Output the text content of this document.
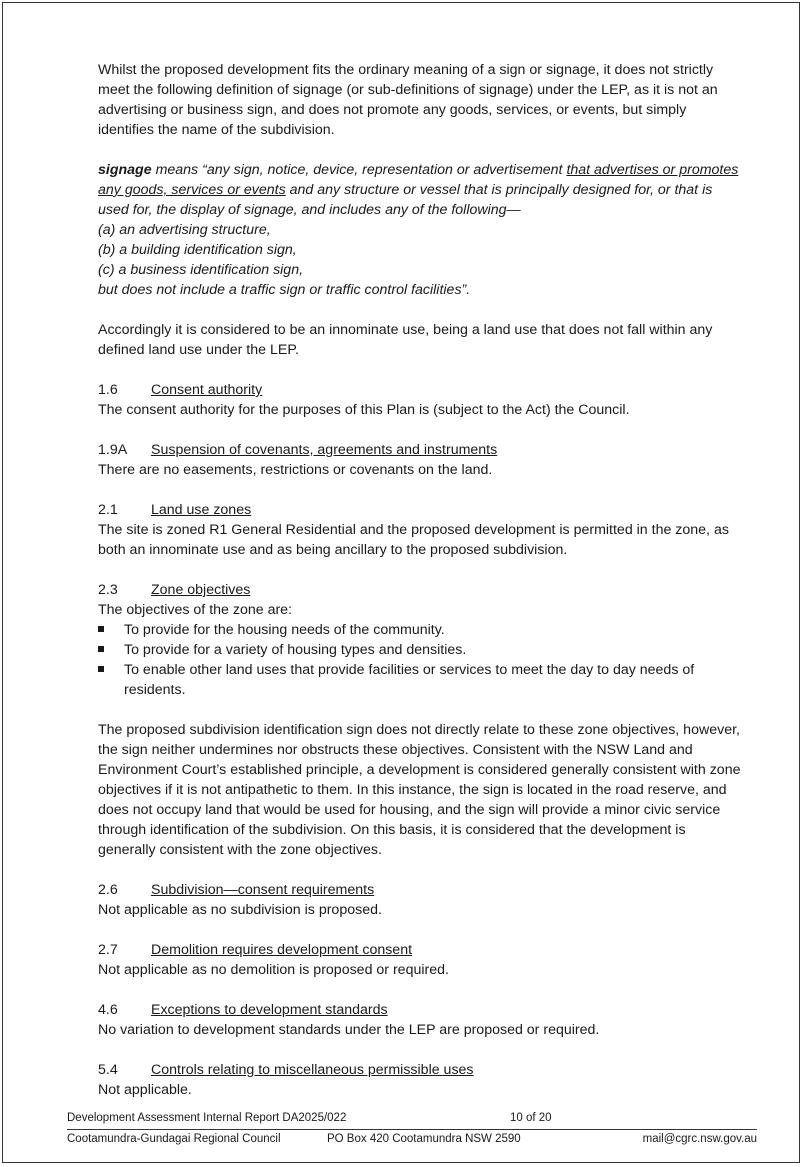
Whilst the proposed development fits the ordinary meaning of a sign or signage, it does not strictly meet the following definition of signage (or sub-definitions of signage) under the LEP, as it is not an advertising or business sign, and does not promote any goods, services, or events, but simply identifies the name of the subdivision.

signage means “any sign, notice, device, representation or advertisement that advertises or promotes any goods, services or events and any structure or vessel that is principally designed for, or that is used for, the display of signage, and includes any of the following—

(a) an advertising structure,

(b) a building identification sign,

(c) a business identification sign,

but does not include a traffic sign or traffic control facilities”.

Accordingly it is considered to be an innominate use, being a land use that does not fall within any defined land use under the LEP.

1.6	Consent authority

The consent authority for the purposes of this Plan is (subject to the Act) the Council.

1.9A	Suspension of covenants, agreements and instruments

There are no easements, restrictions or covenants on the land.

2.1	Land use zones

The site is zoned R1 General Residential and the proposed development is permitted in the zone, as both an innominate use and as being ancillary to the proposed subdivision.

2.3	Zone objectives

The objectives of the zone are:

To provide for the housing needs of the community.
To provide for a variety of housing types and densities.
To enable other land uses that provide facilities or services to meet the day to day needs of residents.

The proposed subdivision identification sign does not directly relate to these zone objectives, however, the sign neither undermines nor obstructs these objectives. Consistent with the NSW Land and Environment Court’s established principle, a development is considered generally consistent with zone objectives if it is not antipathetic to them. In this instance, the sign is located in the road reserve, and does not occupy land that would be used for housing, and the sign will provide a minor civic service through identification of the subdivision. On this basis, it is considered that the development is generally consistent with the zone objectives.

2.6	Subdivision—consent requirements

Not applicable as no subdivision is proposed.

2.7	Demolition requires development consent

Not applicable as no demolition is proposed or required.

4.6	Exceptions to development standards

No variation to development standards under the LEP are proposed or required.

5.4	Controls relating to miscellaneous permissible uses

Not applicable.

Development Assessment Internal Report DA2025/022	10 of 20
Cootamundra-Gundagai Regional Council	PO Box 420 Cootamundra NSW 2590	mail@cgrc.nsw.gov.au
